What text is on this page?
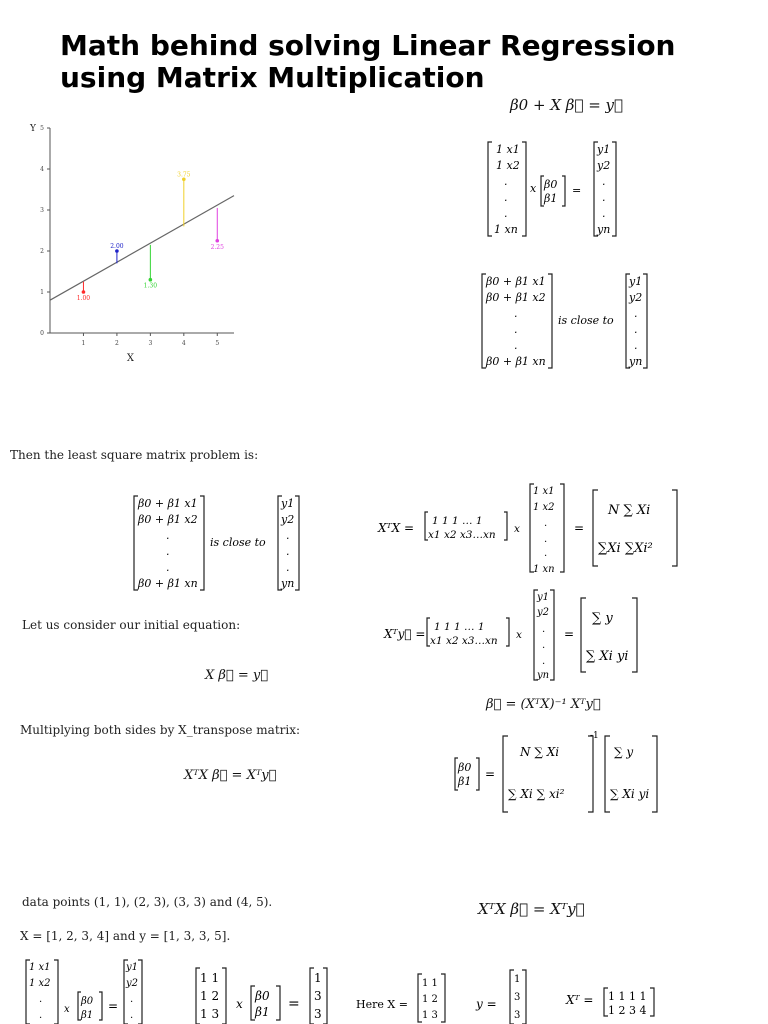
Math behind solving Linear Regression using Matrix Multiplication
0
1
2
3
4
5
1	2	3	4	5
Y
X
1.00
2.00
1.30
3.75
2.25
β0 + X β⃗ = y⃗
1 x1
1 x2
.
.
.
1 xn
x β0
β1
=
y1
y2
.
.
.
yn
β0 + β1 x1
β0 + β1 x2
.
.
.
β0 + β1 xn
is close to
y1
y2
.
.
.
yn
Then the least square matrix problem is:
β0 + β1 x1
β0 + β1 x2
.
.
.
β0 + β1 xn
is close to
y1
y2
.
.
.
yn
XᵀX = 1 1 1 … 1
x1 x2 x3…xn x
1 x1
1 x2
.
.
.
1 xn
=
N ∑ Xi
∑Xi ∑Xi²
Let us consider our initial equation:
Xᵀy⃗ = 1 1 1 … 1
x1 x2 x3…xn x
y1
y2
.
.
.
yn
=
∑ y
∑ Xi yi
X β⃗ = y⃗
β⃗ = (XᵀX)⁻¹ Xᵀy⃗
Multiplying both sides by X_transpose matrix:
XᵀX β⃗ = Xᵀy⃗
β0
β1
=
N ∑ Xi
∑ Xi ∑ xi²
-1
∑ y
∑ Xi yi
data points (1, 1), (2, 3), (3, 3) and (4, 5).	XᵀX β⃗ = Xᵀy⃗
X = [1, 2, 3, 4] and y = [1, 3, 3, 5].
1 x1
1 x2
.
.
x
β0
β1
=
y1
y2
.
.
1 1
1 2
1 3
x
β0
β1 =
1
3
3
Here X =
1 1
1 2
1 3
y =
1
3
3
Xᵀ = 1 1 1 1
1 2 3 4
